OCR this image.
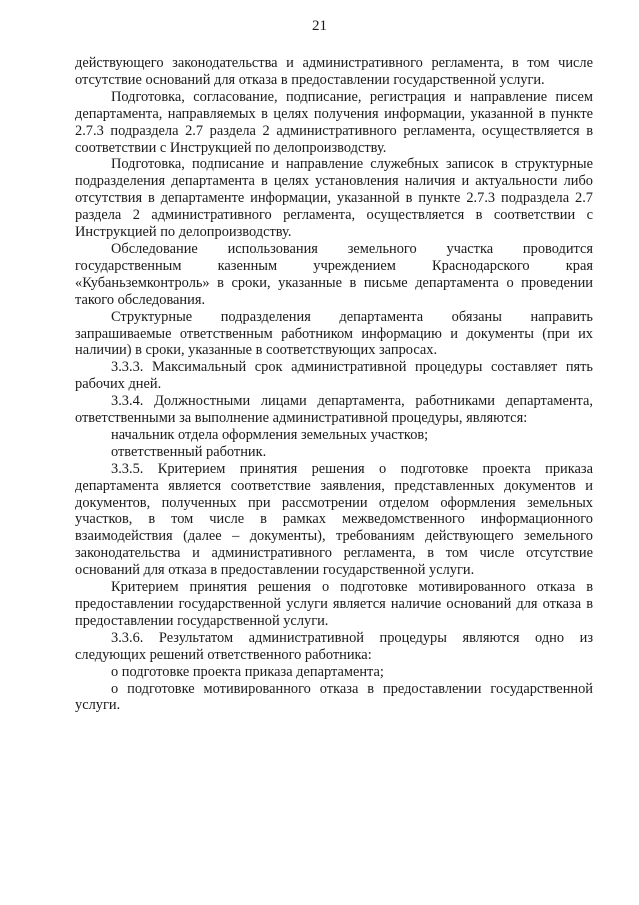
21

действующего законодательства и административного регламента, в том числе отсутствие оснований для отказа в предоставлении государственной услуги.

Подготовка, согласование, подписание, регистрация и направление писем департамента, направляемых в целях получения информации, указанной в пункте 2.7.3 подраздела 2.7 раздела 2 административного регламента, осуществляется в соответствии с Инструкцией по делопроизводству.

Подготовка, подписание и направление служебных записок в структурные подразделения департамента в целях установления наличия и актуальности либо отсутствия в департаменте информации, указанной в пункте 2.7.3 подраздела 2.7 раздела 2 административного регламента, осуществляется в соответствии с Инструкцией по делопроизводству.

Обследование использования земельного участка проводится государственным казенным учреждением Краснодарского края «Кубаньземконтроль» в сроки, указанные в письме департамента о проведении такого обследования.

Структурные подразделения департамента обязаны направить запрашиваемые ответственным работником информацию и документы (при их наличии) в сроки, указанные в соответствующих запросах.

3.3.3. Максимальный срок административной процедуры составляет пять рабочих дней.

3.3.4. Должностными лицами департамента, работниками департамента, ответственными за выполнение административной процедуры, являются:

начальник отдела оформления земельных участков;

ответственный работник.

3.3.5. Критерием принятия решения о подготовке проекта приказа департамента является соответствие заявления, представленных документов и документов, полученных при рассмотрении отделом оформления земельных участков, в том числе в рамках межведомственного информационного взаимодействия (далее – документы), требованиям действующего земельного законодательства и административного регламента, в том числе отсутствие оснований для отказа в предоставлении государственной услуги.

Критерием принятия решения о подготовке мотивированного отказа в предоставлении государственной услуги является наличие оснований для отказа в предоставлении государственной услуги.

3.3.6. Результатом административной процедуры являются одно из следующих решений ответственного работника:

о подготовке проекта приказа департамента;

о подготовке мотивированного отказа в предоставлении государственной услуги.
